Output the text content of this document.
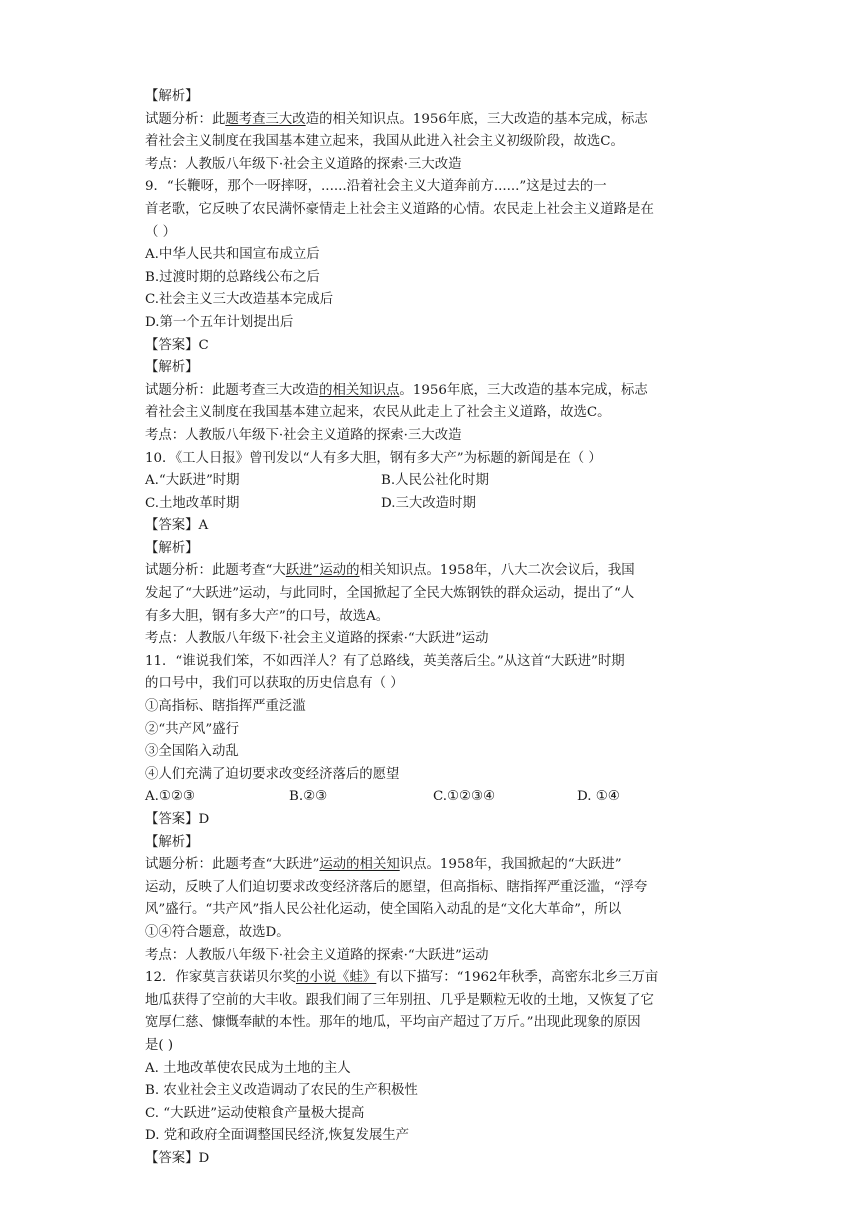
【解析】
试题分析：此题考查三大改造的相关知识点。1956年底，三大改造的基本完成，标志
着社会主义制度在我国基本建立起来，我国从此进入社会主义初级阶段，故选C。
考点：人教版八年级下·社会主义道路的探索·三大改造
9．“长鞭呀，那个一呀摔呀，......沿着社会主义大道奔前方......”这是过去的一
首老歌，它反映了农民满怀豪情走上社会主义道路的心情。农民走上社会主义道路是在
（ ）
A.中华人民共和国宣布成立后
B.过渡时期的总路线公布之后
C.社会主义三大改造基本完成后
D.第一个五年计划提出后
【答案】C
【解析】
试题分析：此题考查三大改造的相关知识点。1956年底，三大改造的基本完成，标志
着社会主义制度在我国基本建立起来，农民从此走上了社会主义道路，故选C。
考点：人教版八年级下·社会主义道路的探索·三大改造
10．《工人日报》曾刊发以“人有多大胆，钢有多大产”为标题的新闻是在（ ）
A.“大跃进”时期	B.人民公社化时期
C.土地改革时期	D.三大改造时期
【答案】A
【解析】
试题分析：此题考查“大跃进”运动的相关知识点。1958年，八大二次会议后，我国
发起了“大跃进”运动，与此同时，全国掀起了全民大炼钢铁的群众运动，提出了“人
有多大胆，钢有多大产”的口号，故选A。
考点：人教版八年级下·社会主义道路的探索·“大跃进”运动
11．“谁说我们笨，不如西洋人？有了总路线，英美落后尘。”从这首“大跃进”时期
的口号中，我们可以获取的历史信息有（ ）
①高指标、瞎指挥严重泛滥
②“共产风”盛行
③全国陷入动乱
④人们充满了迫切要求改变经济落后的愿望
A.①②③	B.②③	C.①②③④	D. ①④
【答案】D
【解析】
试题分析：此题考查“大跃进”运动的相关知识点。1958年，我国掀起的“大跃进”
运动，反映了人们迫切要求改变经济落后的愿望，但高指标、瞎指挥严重泛滥，“浮夸
风”盛行。“共产风”指人民公社化运动，使全国陷入动乱的是“文化大革命”，所以
①④符合题意，故选D。
考点：人教版八年级下·社会主义道路的探索·“大跃进”运动
12．作家莫言获诺贝尔奖的小说《蛙》有以下描写：“1962年秋季，高密东北乡三万亩
地瓜获得了空前的大丰收。跟我们闹了三年别扭、几乎是颗粒无收的土地，又恢复了它
宽厚仁慈、慷慨奉献的本性。那年的地瓜，平均亩产超过了万斤。”出现此现象的原因
是( )
A. 土地改革使农民成为土地的主人
B. 农业社会主义改造调动了农民的生产积极性
C. “大跃进”运动使粮食产量极大提高
D. 党和政府全面调整国民经济,恢复发展生产
【答案】D
